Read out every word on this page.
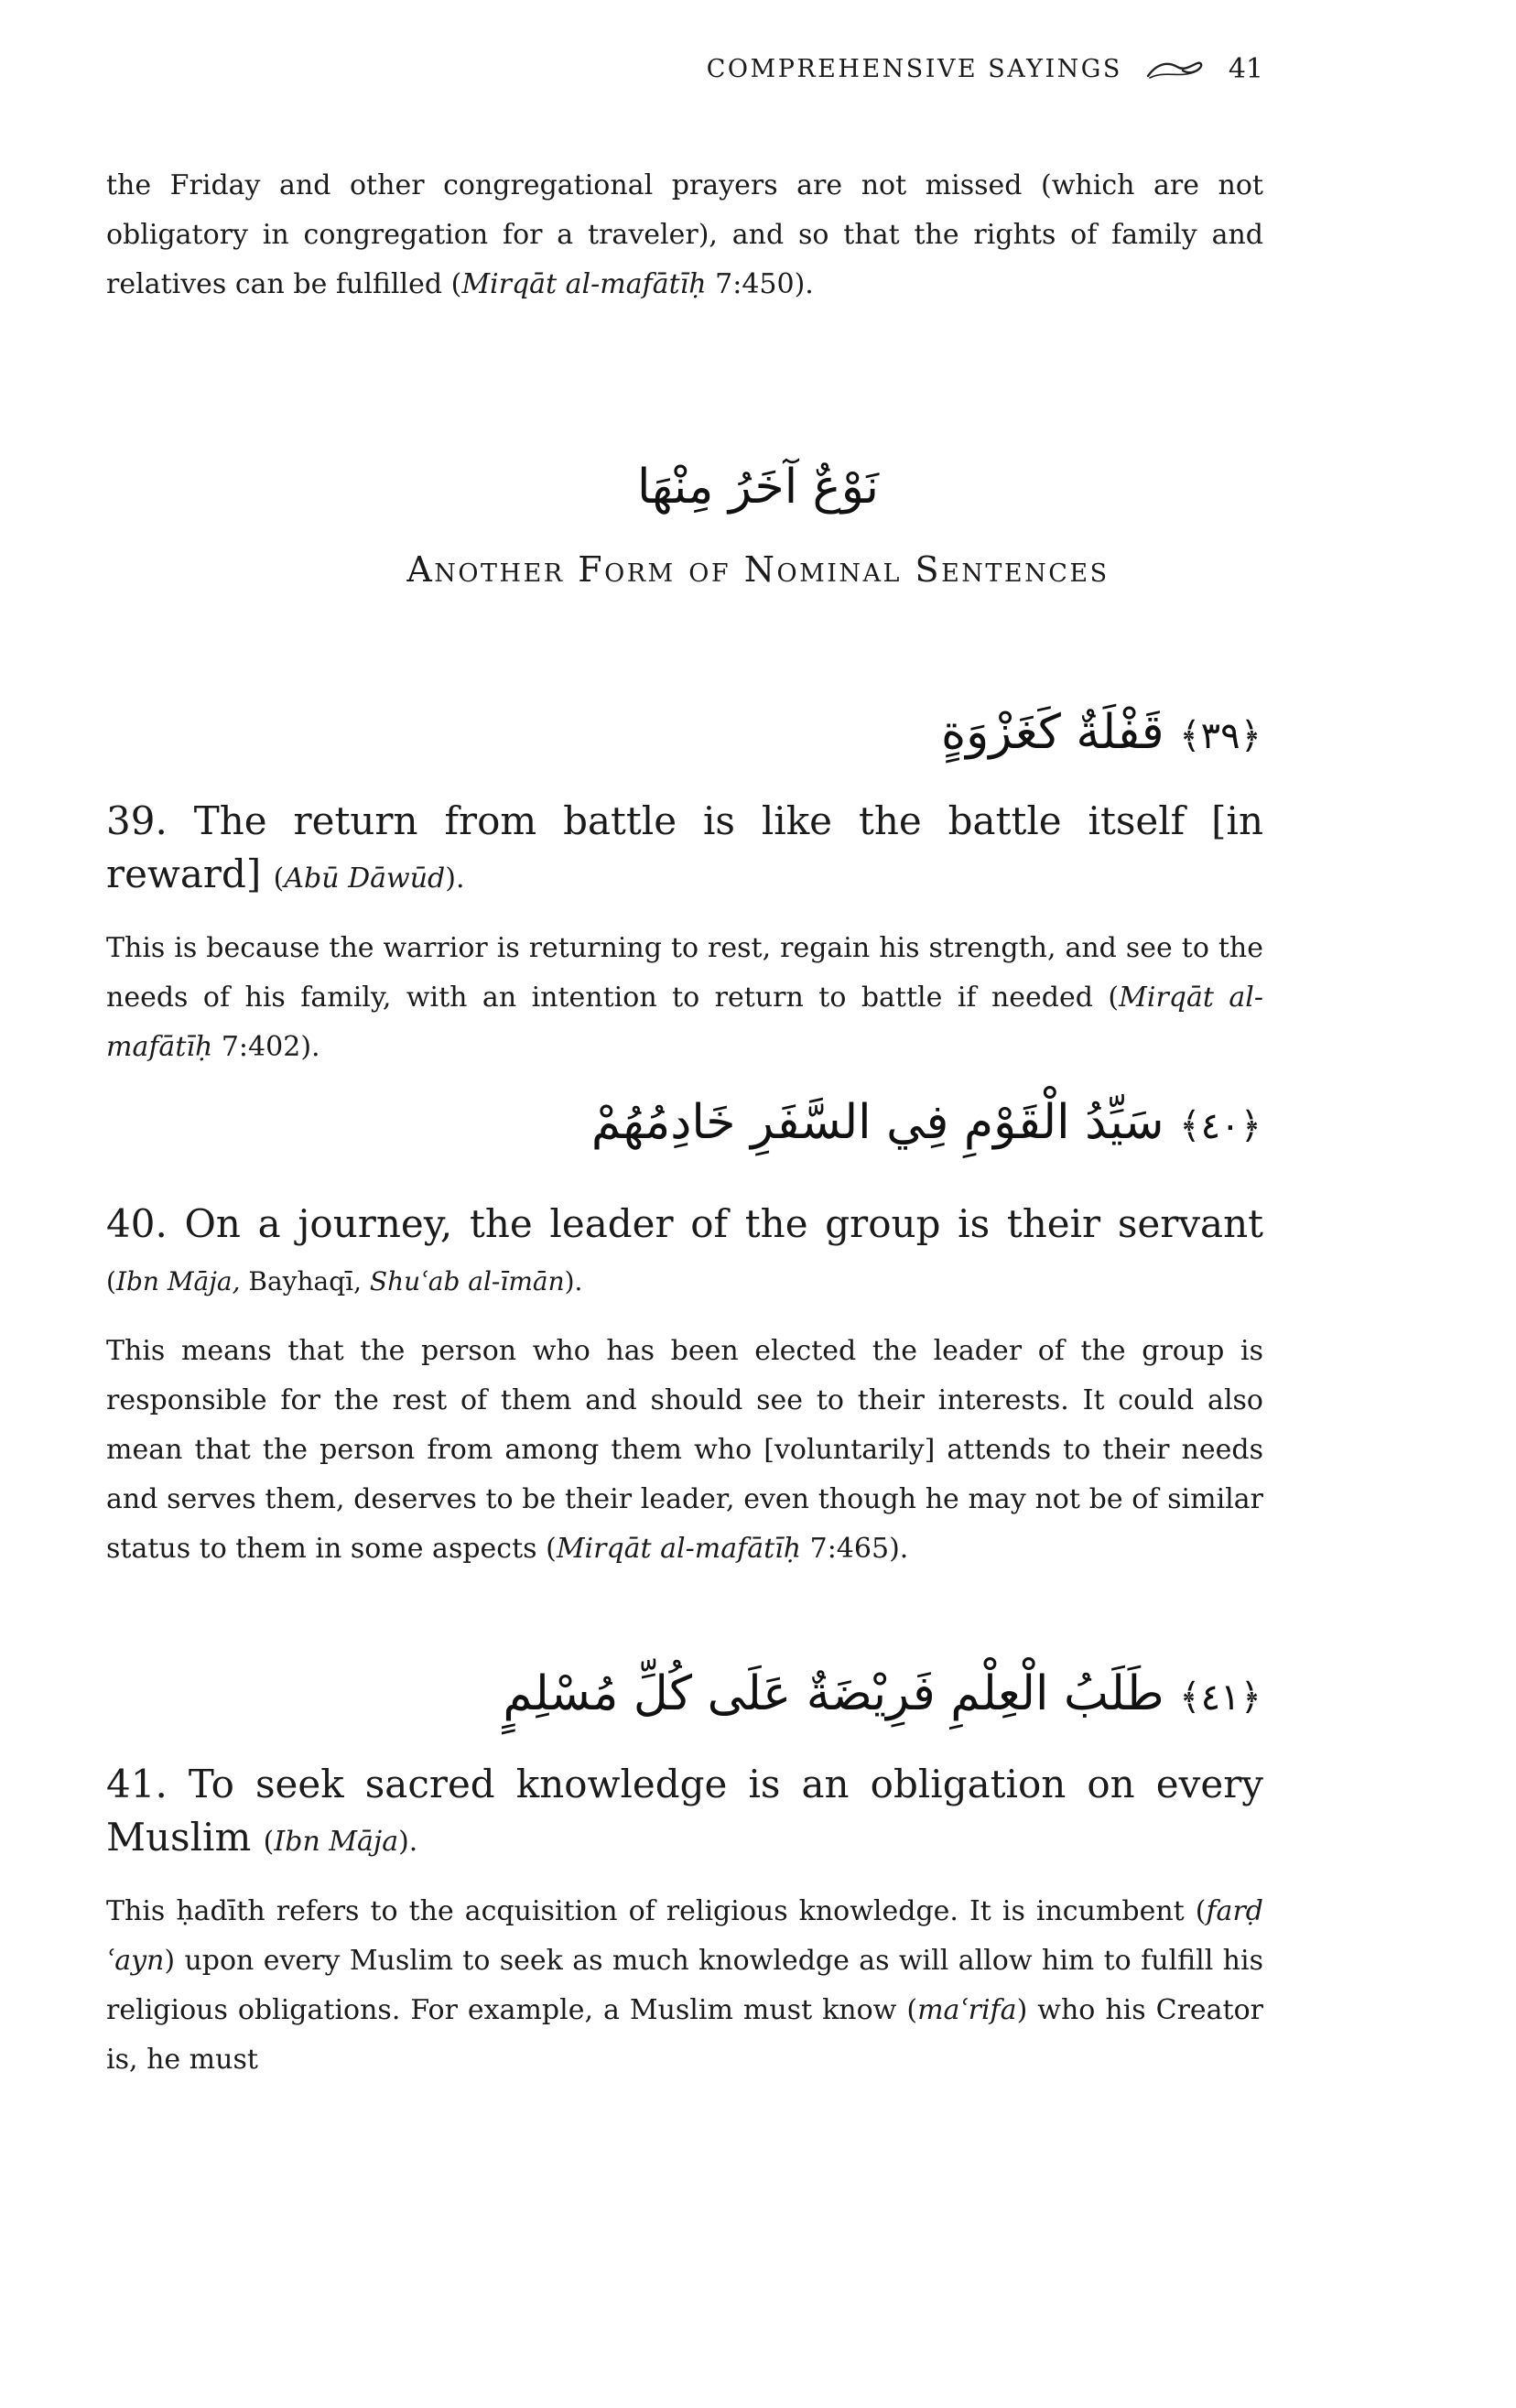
COMPREHENSIVE SAYINGS	41

the Friday and other congregational prayers are not missed (which are not obligatory in congregation for a traveler), and so that the rights of family and relatives can be fulfilled (Mirqāt al-mafātīḥ 7:450).

نَوْعٌ آخَرُ مِنْهَا
Another Form of Nominal Sentences
﴿٣٩﴾ قَفْلَةٌ كَغَزْوَةٍ

39. The return from battle is like the battle itself [in reward] (Abū Dāwūd).

This is because the warrior is returning to rest, regain his strength, and see to the needs of his family, with an intention to return to battle if needed (Mirqāt al-mafātīḥ 7:402).

﴿٤٠﴾ سَيِّدُ الْقَوْمِ فِي السَّفَرِ خَادِمُهُمْ

40. On a journey, the leader of the group is their servant (Ibn Māja, Bayhaqī, Shuʿab al-īmān).

This means that the person who has been elected the leader of the group is responsible for the rest of them and should see to their interests. It could also mean that the person from among them who [voluntarily] attends to their needs and serves them, deserves to be their leader, even though he may not be of similar status to them in some aspects (Mirqāt al-mafātīḥ 7:465).

﴿٤١﴾ طَلَبُ الْعِلْمِ فَرِيْضَةٌ عَلَى كُلِّ مُسْلِمٍ

41. To seek sacred knowledge is an obligation on every Muslim (Ibn Māja).

This ḥadīth refers to the acquisition of religious knowledge. It is incumbent (farḍ ʿayn) upon every Muslim to seek as much knowledge as will allow him to fulfill his religious obligations. For example, a Muslim must know (maʿrifa) who his Creator is, he must
